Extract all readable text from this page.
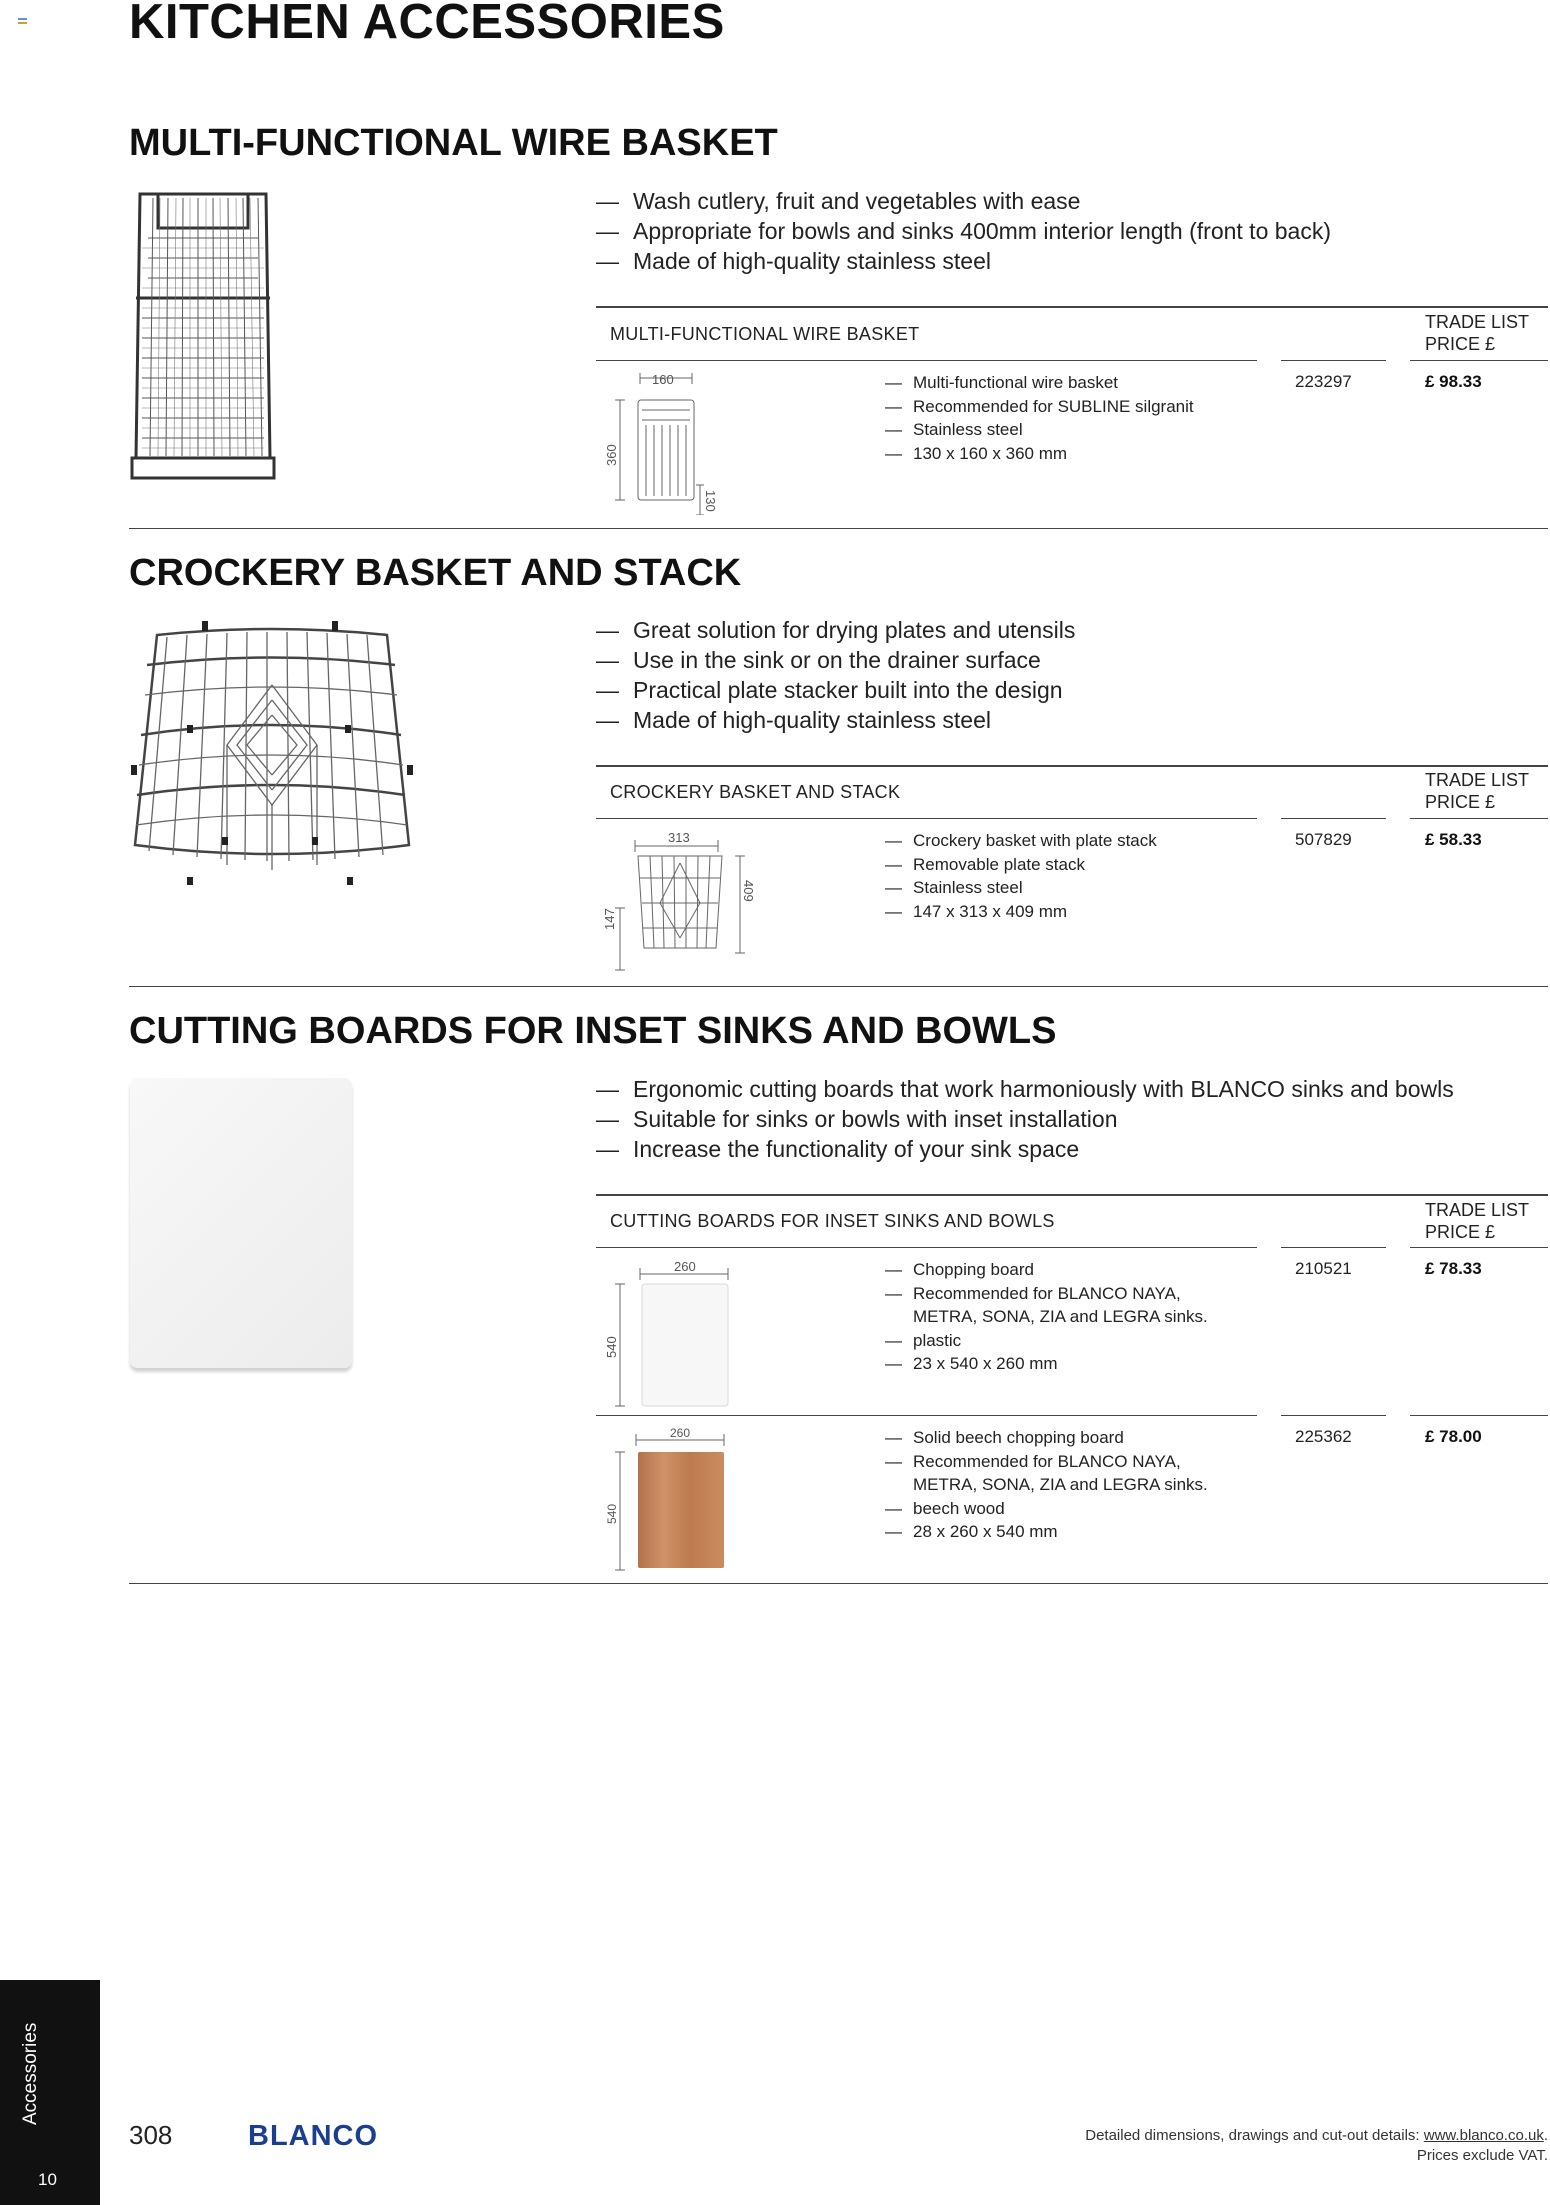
KITCHEN ACCESSORIES
MULTI-FUNCTIONAL WIRE BASKET
— Wash cutlery, fruit and vegetables with ease
— Appropriate for bowls and sinks 400mm interior length (front to back)
— Made of high-quality stainless steel
MULTI-FUNCTIONAL WIRE BASKET
TRADE LIST
PRICE £
160
360
130
— Multi-functional wire basket
— Recommended for SUBLINE silgranit
— Stainless steel
— 130 x 160 x 360 mm
223297	£ 98.33
CROCKERY BASKET AND STACK
— Great solution for drying plates and utensils
— Use in the sink or on the drainer surface
— Practical plate stacker built into the design
— Made of high-quality stainless steel
CROCKERY BASKET AND STACK
TRADE LIST
PRICE £
313
147
409
— Crockery basket with plate stack
— Removable plate stack
— Stainless steel
— 147 x 313 x 409 mm
507829	£ 58.33
CUTTING BOARDS FOR INSET SINKS AND BOWLS
— Ergonomic cutting boards that work harmoniously with BLANCO sinks and bowls
— Suitable for sinks or bowls with inset installation
— Increase the functionality of your sink space
CUTTING BOARDS FOR INSET SINKS AND BOWLS
TRADE LIST
PRICE £
260
540
— Chopping board
— Recommended for BLANCO NAYA,
METRA, SONA, ZIA and LEGRA sinks.
— plastic
— 23 x 540 x 260 mm
210521	£ 78.33
260
540
— Solid beech chopping board
— Recommended for BLANCO NAYA,
METRA, SONA, ZIA and LEGRA sinks.
— beech wood
— 28 x 260 x 540 mm
225362	£ 78.00
Accessories
10
308	BLANCO	Detailed dimensions, drawings and cut-out details: www.blanco.co.uk.
Prices exclude VAT.
